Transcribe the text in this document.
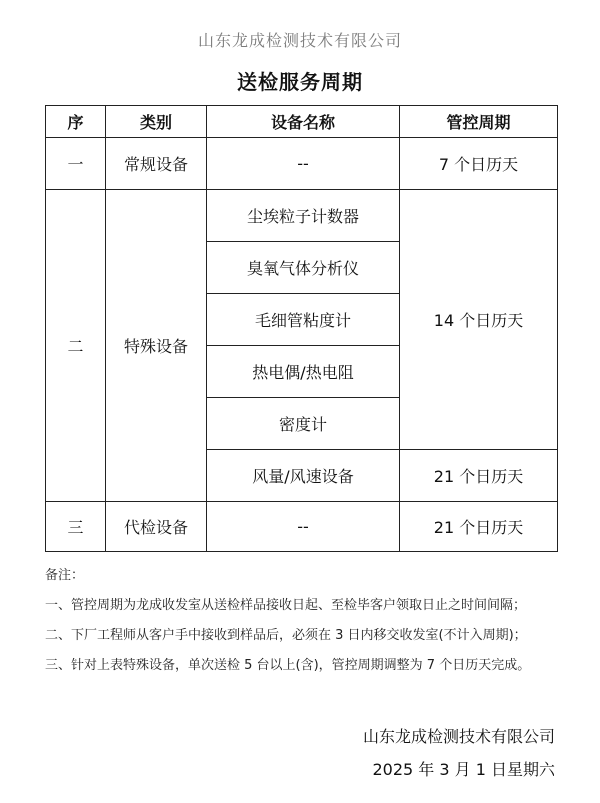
山东龙成检测技术有限公司
送检服务周期
序	类别	设备名称	管控周期
一	常规设备	--	7 个日历天
二	特殊设备	尘埃粒子计数器	14 个日历天
		臭氧气体分析仪	
		毛细管粘度计	
		热电偶/热电阻	
		密度计	
		风量/风速设备	21 个日历天
三	代检设备	--	21 个日历天
备注：
一、管控周期为龙成收发室从送检样品接收日起、至检毕客户领取日止之时间间隔；
二、下厂工程师从客户手中接收到样品后，必须在 3 日内移交收发室(不计入周期)；
三、针对上表特殊设备，单次送检 5 台以上(含)，管控周期调整为 7 个日历天完成。
山东龙成检测技术有限公司
2025 年 3 月 1 日星期六
